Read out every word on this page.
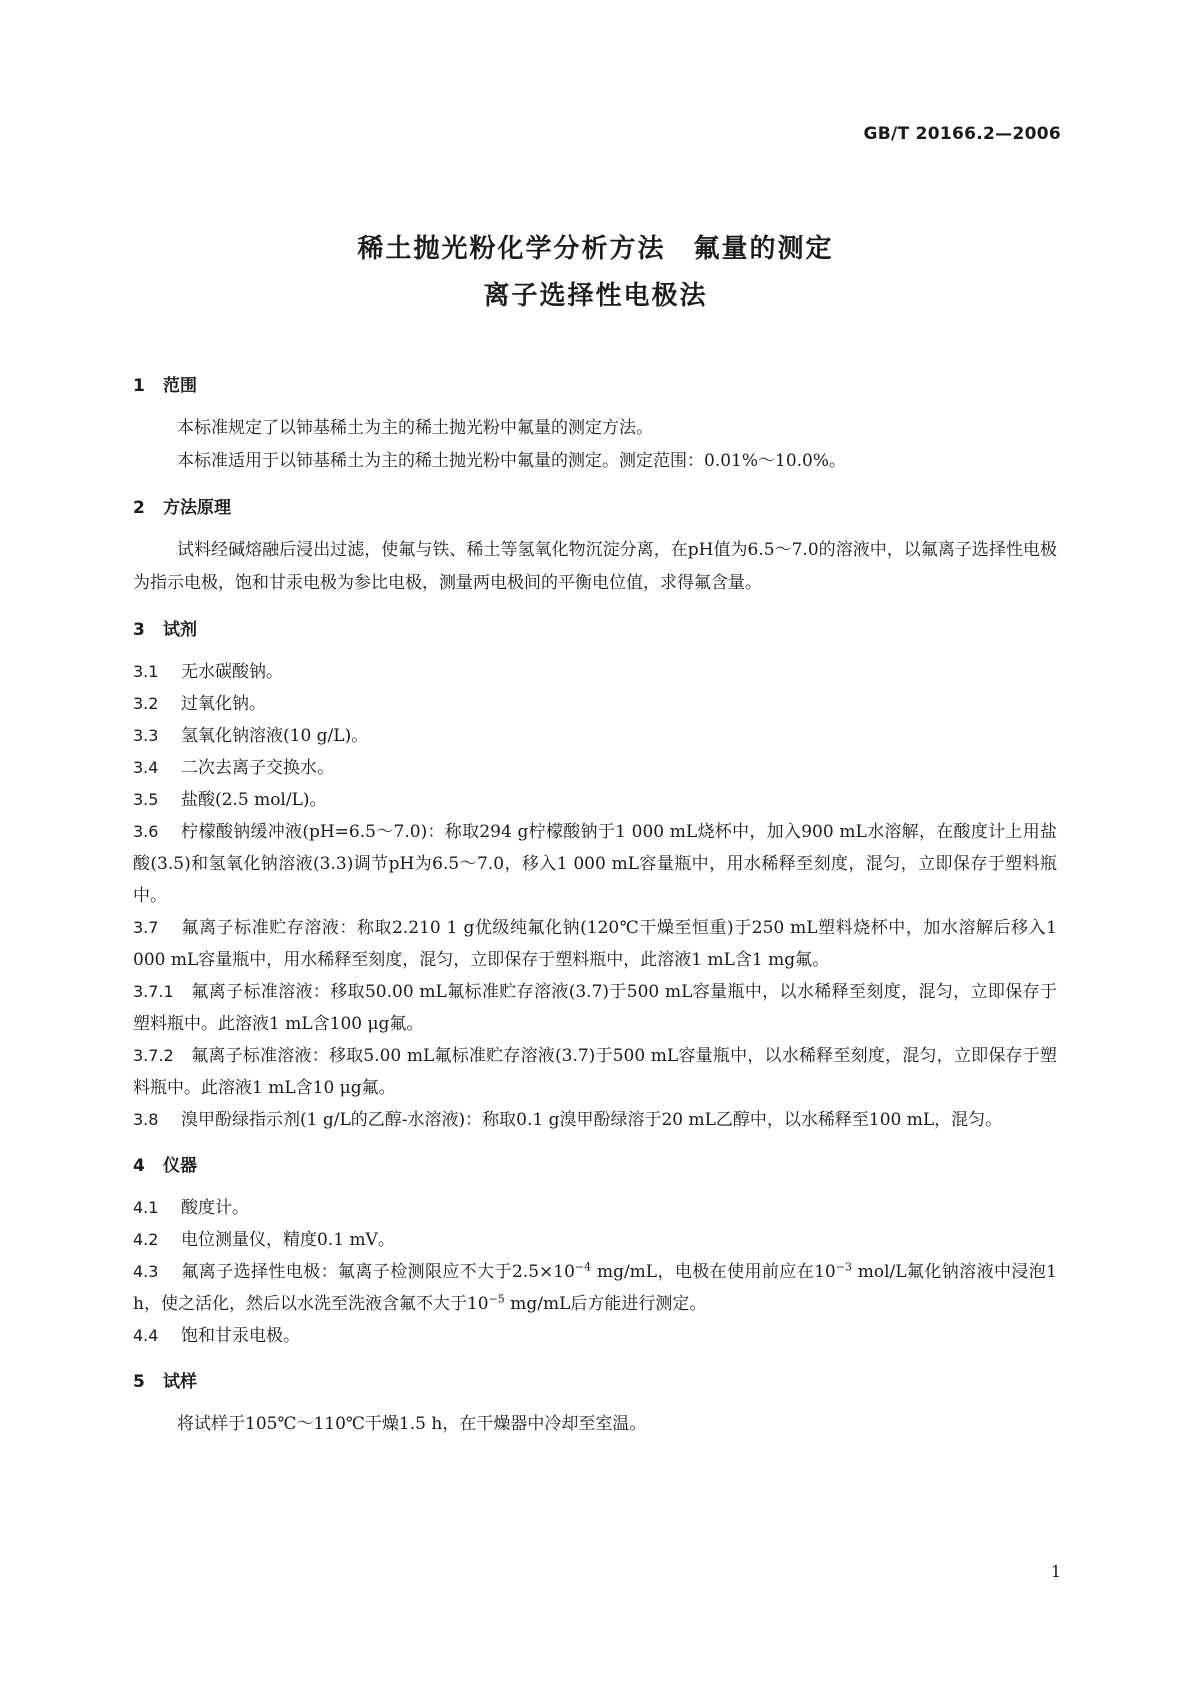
GB/T 20166.2—2006
稀土抛光粉化学分析方法　氟量的测定
离子选择性电极法

1 范围

本标准规定了以铈基稀土为主的稀土抛光粉中氟量的测定方法。

本标准适用于以铈基稀土为主的稀土抛光粉中氟量的测定。测定范围：0.01%～10.0%。

2 方法原理

试料经碱熔融后浸出过滤，使氟与铁、稀土等氢氧化物沉淀分离，在pH值为6.5～7.0的溶液中，以氟离子选择性电极为指示电极，饱和甘汞电极为参比电极，测量两电极间的平衡电位值，求得氟含量。

3 试剂

3.1 无水碳酸钠。

3.2 过氧化钠。

3.3 氢氧化钠溶液(10 g/L)。

3.4 二次去离子交换水。

3.5 盐酸(2.5 mol/L)。

3.6 柠檬酸钠缓冲液(pH=6.5～7.0)：称取294 g柠檬酸钠于1 000 mL烧杯中，加入900 mL水溶解，在酸度计上用盐酸(3.5)和氢氧化钠溶液(3.3)调节pH为6.5～7.0，移入1 000 mL容量瓶中，用水稀释至刻度，混匀，立即保存于塑料瓶中。

3.7 氟离子标准贮存溶液：称取2.210 1 g优级纯氟化钠(120℃干燥至恒重)于250 mL塑料烧杯中，加水溶解后移入1 000 mL容量瓶中，用水稀释至刻度，混匀，立即保存于塑料瓶中，此溶液1 mL含1 mg氟。

3.7.1 氟离子标准溶液：移取50.00 mL氟标准贮存溶液(3.7)于500 mL容量瓶中，以水稀释至刻度，混匀，立即保存于塑料瓶中。此溶液1 mL含100 μg氟。

3.7.2 氟离子标准溶液：移取5.00 mL氟标准贮存溶液(3.7)于500 mL容量瓶中，以水稀释至刻度，混匀，立即保存于塑料瓶中。此溶液1 mL含10 μg氟。

3.8 溴甲酚绿指示剂(1 g/L的乙醇-水溶液)：称取0.1 g溴甲酚绿溶于20 mL乙醇中，以水稀释至100 mL，混匀。

4 仪器

4.1 酸度计。

4.2 电位测量仪，精度0.1 mV。

4.3 氟离子选择性电极：氟离子检测限应不大于$2.5\times 10^{-4}$ mg/mL，电极在使用前应在$10^{-3}$ mol/L氟化钠溶液中浸泡1 h，使之活化，然后以水洗至洗液含氟不大于$10^{-5}$ mg/mL后方能进行测定。

4.4 饱和甘汞电极。

5 试样

将试样于105℃～110℃干燥1.5 h，在干燥器中冷却至室温。

1
